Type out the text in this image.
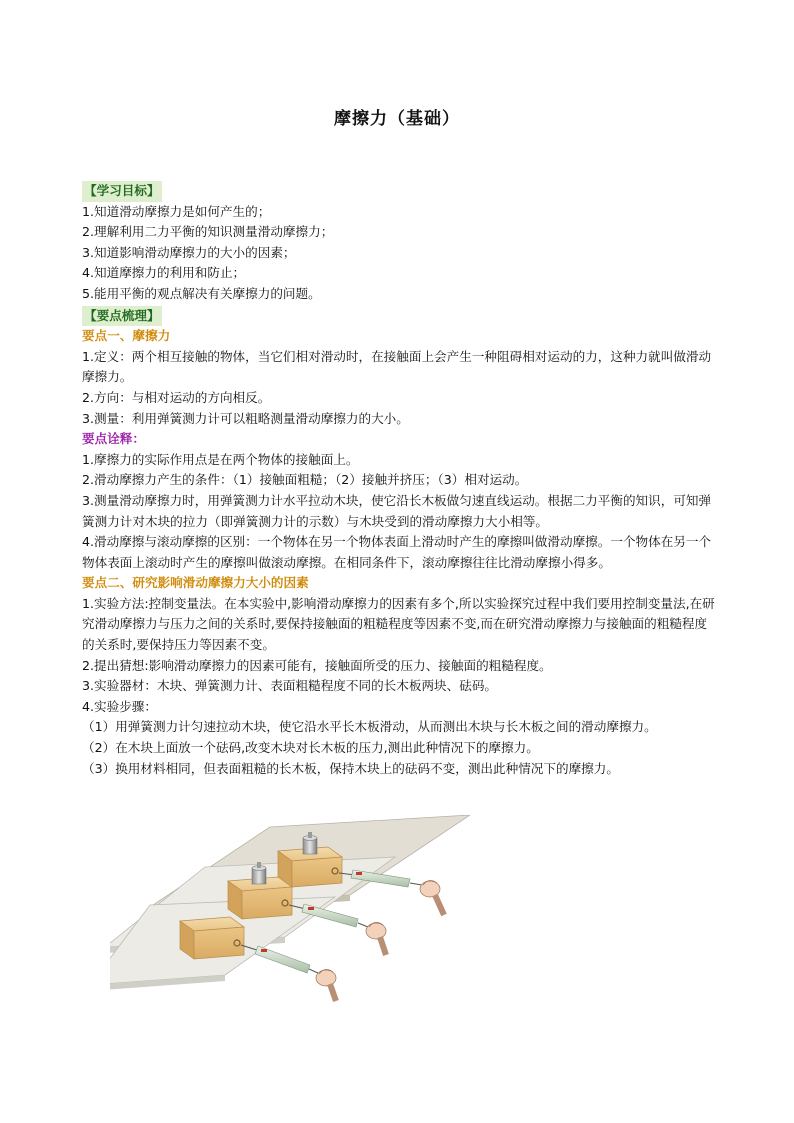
摩擦力（基础）

【学习目标】

1.知道滑动摩擦力是如何产生的；

2.理解利用二力平衡的知识测量滑动摩擦力；

3.知道影响滑动摩擦力的大小的因素；

4.知道摩擦力的利用和防止；

5.能用平衡的观点解决有关摩擦力的问题。

【要点梳理】

要点一、摩擦力

1.定义：两个相互接触的物体，当它们相对滑动时，在接触面上会产生一种阻碍相对运动的力，这种力就叫做滑动摩擦力。

2.方向：与相对运动的方向相反。

3.测量：利用弹簧测力计可以粗略测量滑动摩擦力的大小。

要点诠释：

1.摩擦力的实际作用点是在两个物体的接触面上。

2.滑动摩擦力产生的条件：（1）接触面粗糙；（2）接触并挤压；（3）相对运动。

3.测量滑动摩擦力时，用弹簧测力计水平拉动木块，使它沿长木板做匀速直线运动。根据二力平衡的知识，可知弹簧测力计对木块的拉力（即弹簧测力计的示数）与木块受到的滑动摩擦力大小相等。

4.滑动摩擦与滚动摩擦的区别：一个物体在另一个物体表面上滑动时产生的摩擦叫做滑动摩擦。一个物体在另一个物体表面上滚动时产生的摩擦叫做滚动摩擦。在相同条件下，滚动摩擦往往比滑动摩擦小得多。

要点二、研究影响滑动摩擦力大小的因素

1.实验方法:控制变量法。在本实验中,影响滑动摩擦力的因素有多个,所以实验探究过程中我们要用控制变量法,在研究滑动摩擦力与压力之间的关系时,要保持接触面的粗糙程度等因素不变,而在研究滑动摩擦力与接触面的粗糙程度的关系时,要保持压力等因素不变。

2.提出猜想:影响滑动摩擦力的因素可能有，接触面所受的压力、接触面的粗糙程度。

3.实验器材：木块、弹簧测力计、表面粗糙程度不同的长木板两块、砝码。

4.实验步骤：

（1）用弹簧测力计匀速拉动木块，使它沿水平长木板滑动，从而测出木块与长木板之间的滑动摩擦力。

（2）在木块上面放一个砝码,改变木块对长木板的压力,测出此种情况下的摩擦力。

（3）换用材料相同，但表面粗糙的长木板，保持木块上的砝码不变，测出此种情况下的摩擦力。
